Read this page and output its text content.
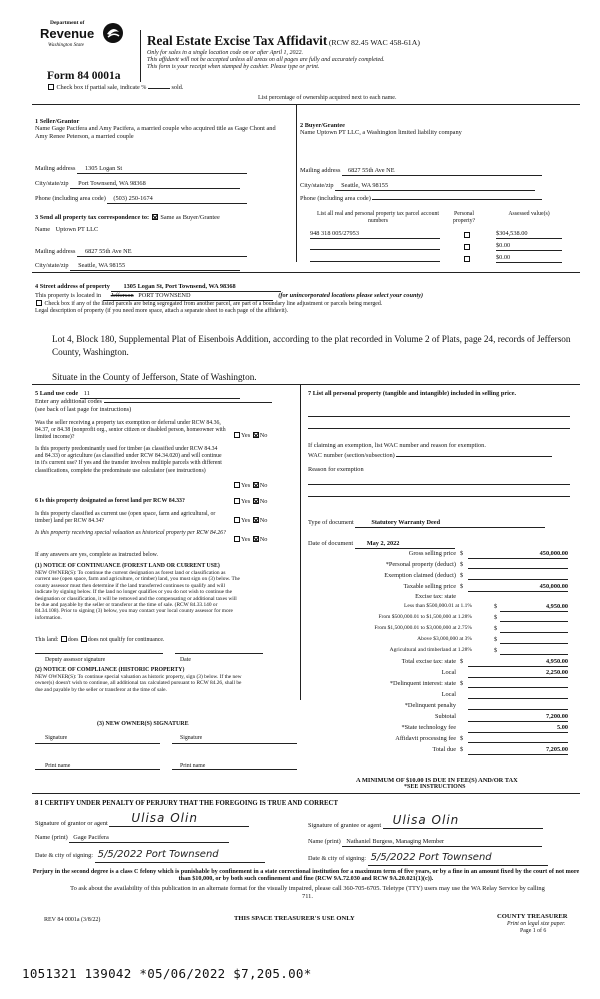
Department of
Revenue
Washington State
Form 84 0001a
Check box if partial sale, indicate %	sold.
Real Estate Excise Tax Affidavit (RCW 82.45 WAC 458-61A)
Only for sales in a single location code on or after April 1, 2022.
This affidavit will not be accepted unless all areas on all pages are fully and accurately completed.
This form is your receipt when stamped by cashier. Please type or print.
List percentage of ownership acquired next to each name.
1 Seller/Grantor
Name Gage Pacifera and Amy Pacifera, a married couple who acquired title as Gage Chont and Amy Renee Peterson, a married couple
Mailing address 1305 Logan St
City/state/zip Port Townsend, WA 98368
Phone (including area code) (503) 250-1674
2 Buyer/Grantee
Name Uptown PT LLC, a Washington limited liability company
Mailing address 6827 55th Ave NE
City/state/zip Seattle, WA 98155
Phone (including area code)
3 Send all property tax correspondence to: Same as Buyer/Grantee
Name Uptown PT LLC
Mailing address 6827 55th Ave NE
City/state/zip Seattle, WA 98155
List all real and personal property tax parcel account numbers
Personal property?
Assessed value(s)
948 318 005/27953	$304,538.00
$0.00
$0.00
4 Street address of property 1305 Logan St, Port Townsend, WA 98368
This property is located in Jefferson PORT TOWNSEND	(for unincorporated locations please select your county)
Check box if any of the listed parcels are being segregated from another parcel, are part of a boundary line adjustment or parcels being merged.
Legal description of property (if you need more space, attach a separate sheet to each page of the affidavit).
Lot 4, Block 180, Supplemental Plat of Eisenbois Addition, according to the plat recorded in Volume 2 of Plats, page 24, records of Jefferson County, Washington.
Situate in the County of Jefferson, State of Washington.
5 Land use code 11
Enter any additional codes
(see back of last page for instructions)
Was the seller receiving a property tax exemption or deferral under RCW 84.36, 84.37, or 84.38 (nonprofit org., senior citizen or disabled person, homeowner with limited income)?	Yes No
Is this property predominantly used for timber (as classified under RCW 84.34 and 84.33) or agriculture (as classified under RCW 84.34.020) and will continue in it's current use? If yes and the transfer involves multiple parcels with different classifications, complete the predominate use calculator (see instructions)
Yes No
6 Is this property designated as forest land per RCW 84.33?	Yes No
Is this property classified as current use (open space, farm and agricultural, or timber) land per RCW 84.34?	Yes No
Is this property receiving special valuation as historical property per RCW 84.26?
Yes No
If any answers are yes, complete as instructed below.
(1) NOTICE OF CONTINUANCE (FOREST LAND OR CURRENT USE)
NEW OWNER(S): To continue the current designation as forest land or classification as current use (open space, farm and agriculture, or timber) land, you must sign on (3) below. The county assessor must then determine if the land transferred continues to qualify and will indicate by signing below. If the land no longer qualifies or you do not wish to continue the designation or classification, it will be removed and the compensating or additional taxes will be due and payable by the seller or transferor at the time of sale. (RCW 84.33.140 or 84.34.108). Prior to signing (3) below, you may contact your local county assessor for more information.
This land: does does not qualify for continuance.
Deputy assessor signature	Date
(2) NOTICE OF COMPLIANCE (HISTORIC PROPERTY)
NEW OWNER(S): To continue special valuation as historic property, sign (3) below. If the new owner(s) doesn't wish to continue, all additional tax calculated pursuant to RCW 84.26, shall be due and payable by the seller or transferor at the time of sale.
(3) NEW OWNER(S) SIGNATURE
Signature	Signature
Print name	Print name
7 List all personal property (tangible and intangible) included in selling price.
If claiming an exemption, list WAC number and reason for exemption.
WAC number (section/subsection)
Reason for exemption
Type of document	Statutory Warranty Deed
Date of document May 2, 2022
Gross selling price $	450,000.00
*Personal property (deduct) $
Exemption claimed (deduct) $
Taxable selling price $	450,000.00
Excise tax: state
Less than $500,000.01 at 1.1%	$	4,950.00
From $500,000.01 to $1,500,000 at 1.28%	$
From $1,500,000.01 to $3,000,000 at 2.75%	$
Above $3,000,000 at 3%	$
Agricultural and timberland at 1.28%	$
Total excise tax: state $	4,950.00
Local	2,250.00
*Delinquent interest: state $
Local
*Delinquent penalty
Subtotal	7,200.00
*State technology fee	5.00
Affidavit processing fee $
Total due $	7,205.00
A MINIMUM OF $10.00 IS DUE IN FEE(S) AND/OR TAX
*SEE INSTRUCTIONS
8 I CERTIFY UNDER PENALTY OF PERJURY THAT THE FOREGOING IS TRUE AND CORRECT
Signature of grantor or agent Ulisa Olin
Name (print) Gage Pacifera
Date & city of signing: 5/5/2022 Port Townsend
Signature of grantee or agent Ulisa Olin
Name (print) Nathaniel Burgess, Managing Member
Date & city of signing: 5/5/2022 Port Townsend
Perjury in the second degree is a class C felony which is punishable by confinement in a state correctional institution for a maximum term of five years, or by a fine in an amount fixed by the court of not more than $10,000, or by both such confinement and fine (RCW 9A.72.030 and RCW 9A.20.021(1)(c)).
To ask about the availability of this publication in an alternate format for the visually impaired, please call 360-705-6705. Teletype (TTY) users may use the WA Relay Service by calling 711.
REV 84 0001a (3/8/22)	THIS SPACE TREASURER'S USE ONLY	COUNTY TREASURER
Print on legal size paper.
Page 1 of 6
1051321 139042 *05/06/2022 $7,205.00*
